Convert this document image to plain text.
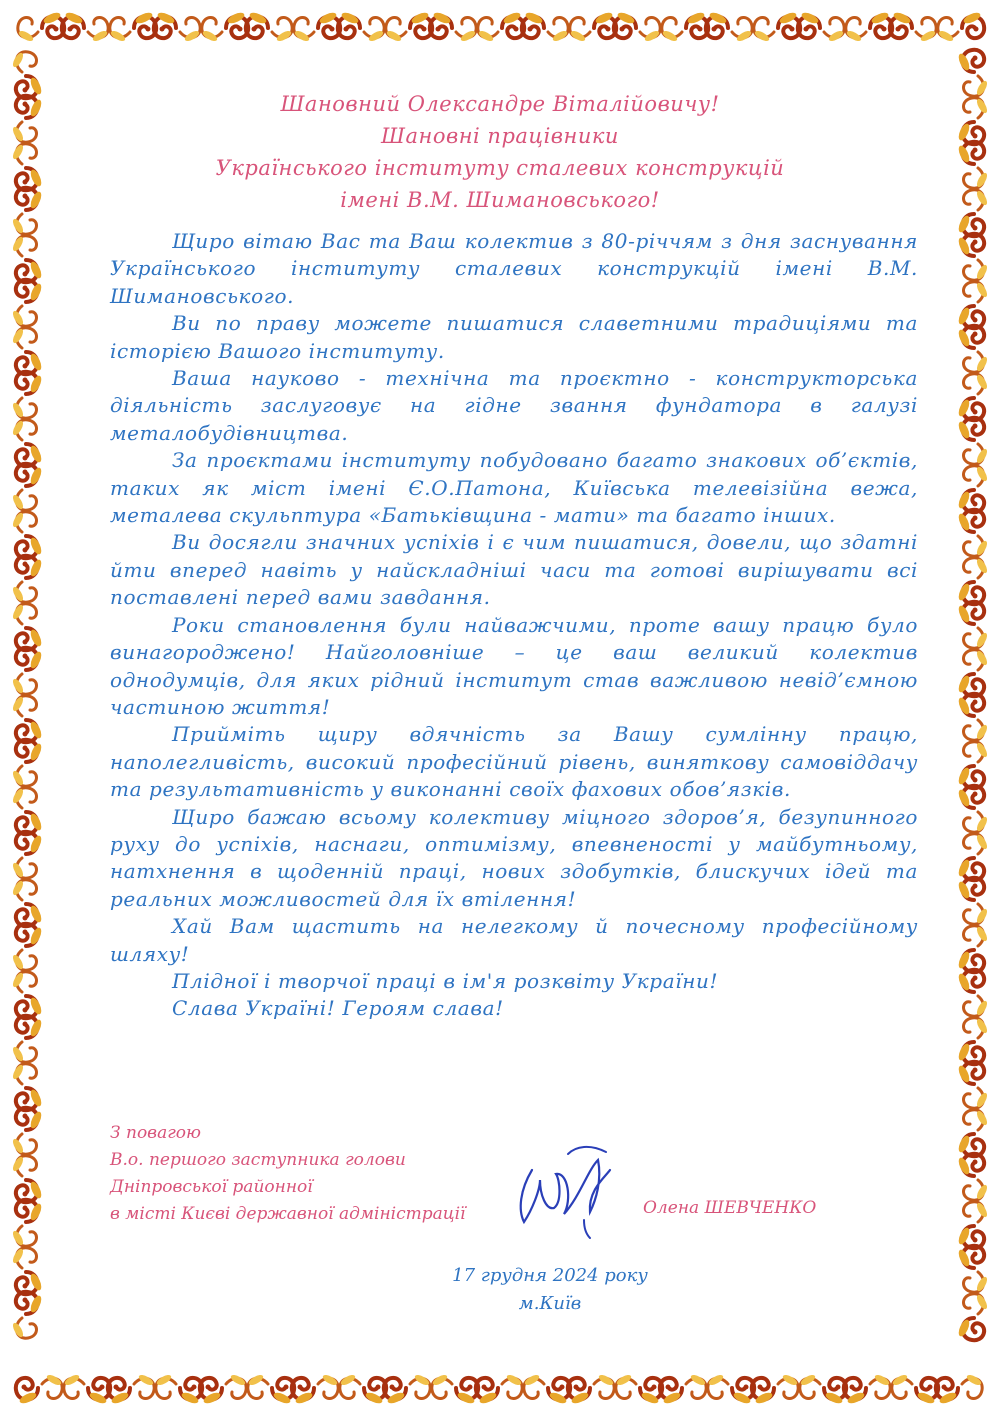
Шановний Олександре Віталійовичу!
Шановні працівники
Українського інституту сталевих конструкцій
імені В.М. Шимановського!

Щиро вітаю Вас та Ваш колектив з 80-річчям з дня заснування Українського інституту сталевих конструкцій імені В.М. Шимановського.

Ви по праву можете пишатися славетними традиціями та історією Вашого інституту.

Ваша науково - технічна та проєктно - конструкторська діяльність заслуговує на гідне звання фундатора в галузі металобудівництва.

За проєктами інституту побудовано багато знакових об’єктів, таких як міст імені Є.О.Патона, Київська телевізійна вежа, металева скульптура «Батьківщина - мати» та багато інших.

Ви досягли значних успіхів і є чим пишатися, довели, що здатні йти вперед навіть у найскладніші часи та готові вирішувати всі поставлені перед вами завдання.

Роки становлення були найважчими, проте вашу працю було винагороджено! Найголовніше – це ваш великий колектив однодумців, для яких рідний інститут став важливою невід’ємною частиною життя!

Прийміть щиру вдячність за Вашу сумлінну працю, наполегливість, високий професійний рівень, виняткову самовіддачу та результативність у виконанні своїх фахових обов’язків.

Щиро бажаю всьому колективу міцного здоров’я, безупинного руху до успіхів, наснаги, оптимізму, впевненості у майбутньому, натхнення в щоденній праці, нових здобутків, блискучих ідей та реальних можливостей для їх втілення!

Хай Вам щастить на нелегкому й почесному професійному шляху!

Плідної і творчої праці в ім'я розквіту України!

Слава Україні! Героям слава!

З повагою
В.о. першого заступника голови
Дніпровської районної
в місті Києві державної адміністрації	Олена ШЕВЧЕНКО
17 грудня 2024 року
м.Київ
